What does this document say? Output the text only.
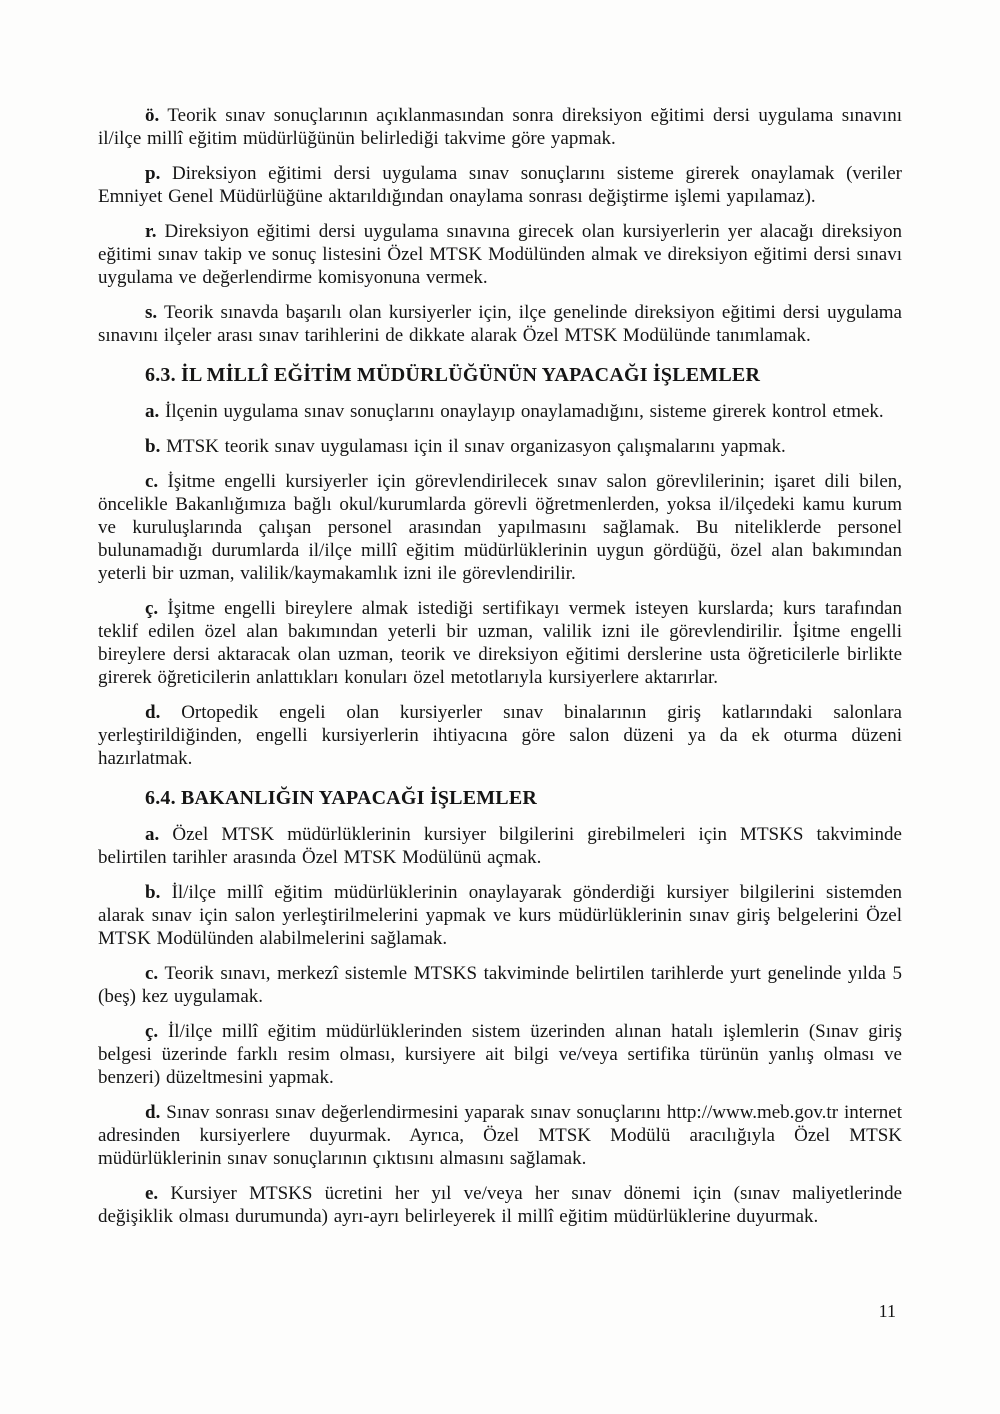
ö. Teorik sınav sonuçlarının açıklanmasından sonra direksiyon eğitimi dersi uygulama sınavını il/ilçe millî eğitim müdürlüğünün belirlediği takvime göre yapmak.

p. Direksiyon eğitimi dersi uygulama sınav sonuçlarını sisteme girerek onaylamak (veriler Emniyet Genel Müdürlüğüne aktarıldığından onaylama sonrası değiştirme işlemi yapılamaz).

r. Direksiyon eğitimi dersi uygulama sınavına girecek olan kursiyerlerin yer alacağı direksiyon eğitimi sınav takip ve sonuç listesini Özel MTSK Modülünden almak ve direksiyon eğitimi dersi sınavı uygulama ve değerlendirme komisyonuna vermek.

s. Teorik sınavda başarılı olan kursiyerler için, ilçe genelinde direksiyon eğitimi dersi uygulama sınavını ilçeler arası sınav tarihlerini de dikkate alarak Özel MTSK Modülünde tanımlamak.

6.3. İL MİLLÎ EĞİTİM MÜDÜRLÜĞÜNÜN YAPACAĞI İŞLEMLER

a. İlçenin uygulama sınav sonuçlarını onaylayıp onaylamadığını, sisteme girerek kontrol etmek.

b. MTSK teorik sınav uygulaması için il sınav organizasyon çalışmalarını yapmak.

c. İşitme engelli kursiyerler için görevlendirilecek sınav salon görevlilerinin; işaret dili bilen, öncelikle Bakanlığımıza bağlı okul/kurumlarda görevli öğretmenlerden, yoksa il/ilçedeki kamu kurum ve kuruluşlarında çalışan personel arasından yapılmasını sağlamak. Bu niteliklerde personel bulunamadığı durumlarda il/ilçe millî eğitim müdürlüklerinin uygun gördüğü, özel alan bakımından yeterli bir uzman, valilik/kaymakamlık izni ile görevlendirilir.

ç. İşitme engelli bireylere almak istediği sertifikayı vermek isteyen kurslarda; kurs tarafından teklif edilen özel alan bakımından yeterli bir uzman, valilik izni ile görevlendirilir. İşitme engelli bireylere dersi aktaracak olan uzman, teorik ve direksiyon eğitimi derslerine usta öğreticilerle birlikte girerek öğreticilerin anlattıkları konuları özel metotlarıyla kursiyerlere aktarırlar.

d. Ortopedik engeli olan kursiyerler sınav binalarının giriş katlarındaki salonlara yerleştirildiğinden, engelli kursiyerlerin ihtiyacına göre salon düzeni ya da ek oturma düzeni hazırlatmak.

6.4. BAKANLIĞIN YAPACAĞI İŞLEMLER

a. Özel MTSK müdürlüklerinin kursiyer bilgilerini girebilmeleri için MTSKS takviminde belirtilen tarihler arasında Özel MTSK Modülünü açmak.

b. İl/ilçe millî eğitim müdürlüklerinin onaylayarak gönderdiği kursiyer bilgilerini sistemden alarak sınav için salon yerleştirilmelerini yapmak ve kurs müdürlüklerinin sınav giriş belgelerini Özel MTSK Modülünden alabilmelerini sağlamak.

c. Teorik sınavı, merkezî sistemle MTSKS takviminde belirtilen tarihlerde yurt genelinde yılda 5 (beş) kez uygulamak.

ç. İl/ilçe millî eğitim müdürlüklerinden sistem üzerinden alınan hatalı işlemlerin (Sınav giriş belgesi üzerinde farklı resim olması, kursiyere ait bilgi ve/veya sertifika türünün yanlış olması ve benzeri) düzeltmesini yapmak.

d. Sınav sonrası sınav değerlendirmesini yaparak sınav sonuçlarını http://www.meb.gov.tr internet adresinden kursiyerlere duyurmak. Ayrıca, Özel MTSK Modülü aracılığıyla Özel MTSK müdürlüklerinin sınav sonuçlarının çıktısını almasını sağlamak.

e. Kursiyer MTSKS ücretini her yıl ve/veya her sınav dönemi için (sınav maliyetlerinde değişiklik olması durumunda) ayrı-ayrı belirleyerek il millî eğitim müdürlüklerine duyurmak.

11
